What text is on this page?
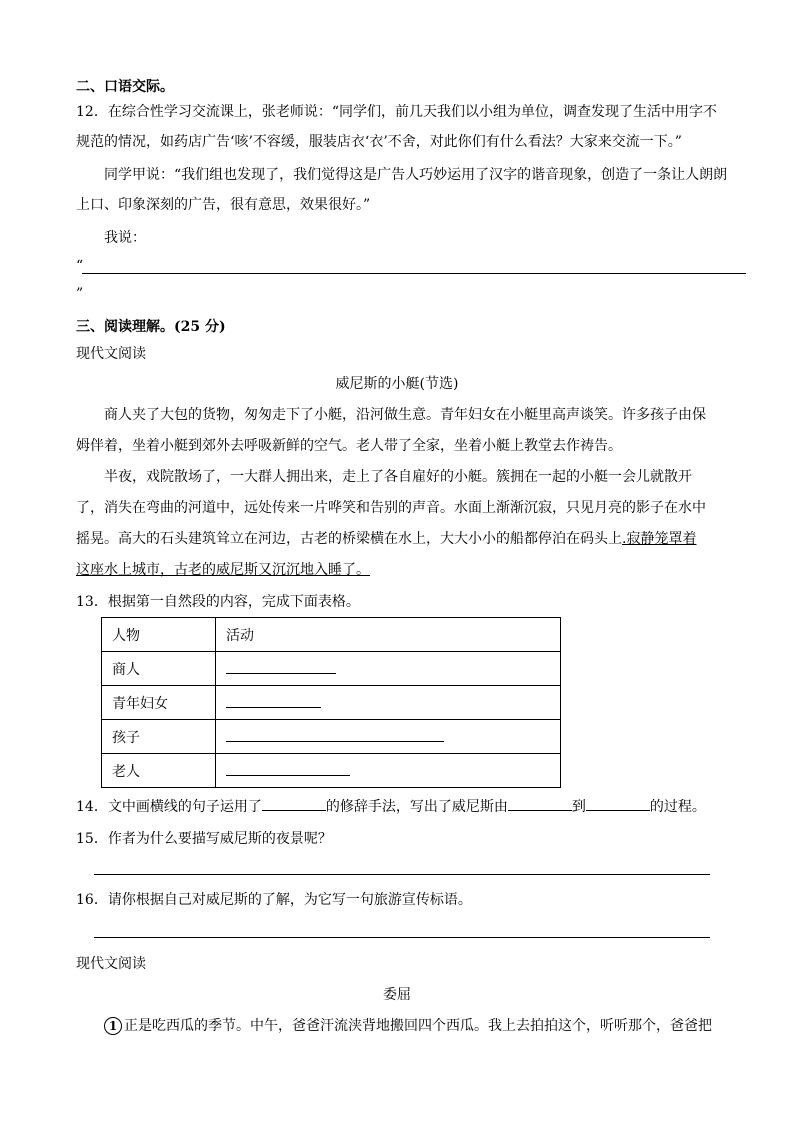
二、口语交际。
12．在综合性学习交流课上，张老师说：“同学们，前几天我们以小组为单位，调查发现了生活中用字不
规范的情况，如药店广告‘咳’不容缓，服装店衣‘衣’不舍，对此你们有什么看法？大家来交流一下。”
同学甲说：“我们组也发现了，我们觉得这是广告人巧妙运用了汉字的谐音现象，创造了一条让人朗朗
上口、印象深刻的广告，很有意思，效果很好。”
我说：
“
”
三、阅读理解。(25 分)
现代文阅读
威尼斯的小艇(节选)
商人夹了大包的货物，匆匆走下了小艇，沿河做生意。青年妇女在小艇里高声谈笑。许多孩子由保
姆伴着，坐着小艇到郊外去呼吸新鲜的空气。老人带了全家，坐着小艇上教堂去作祷告。
半夜，戏院散场了，一大群人拥出来，走上了各自雇好的小艇。簇拥在一起的小艇一会儿就散开
了，消失在弯曲的河道中，远处传来一片哗笑和告别的声音。水面上渐渐沉寂，只见月亮的影子在水中
摇晃。高大的石头建筑耸立在河边，古老的桥梁横在水上，大大小小的船都停泊在码头上.寂静笼罩着
这座水上城市，古老的威尼斯又沉沉地入睡了。
13．根据第一自然段的内容，完成下面表格。
人物	活动
商人	
青年妇女	
孩子	
老人	
14．文中画横线的句子运用了	的修辞手法，写出了威尼斯由	到	的过程。
15．作者为什么要描写威尼斯的夜景呢？
16．请你根据自己对威尼斯的了解，为它写一句旅游宣传标语。
现代文阅读
委屈
1 正是吃西瓜的季节。中午，爸爸汗流浃背地搬回四个西瓜。我上去拍拍这个，听听那个，爸爸把
